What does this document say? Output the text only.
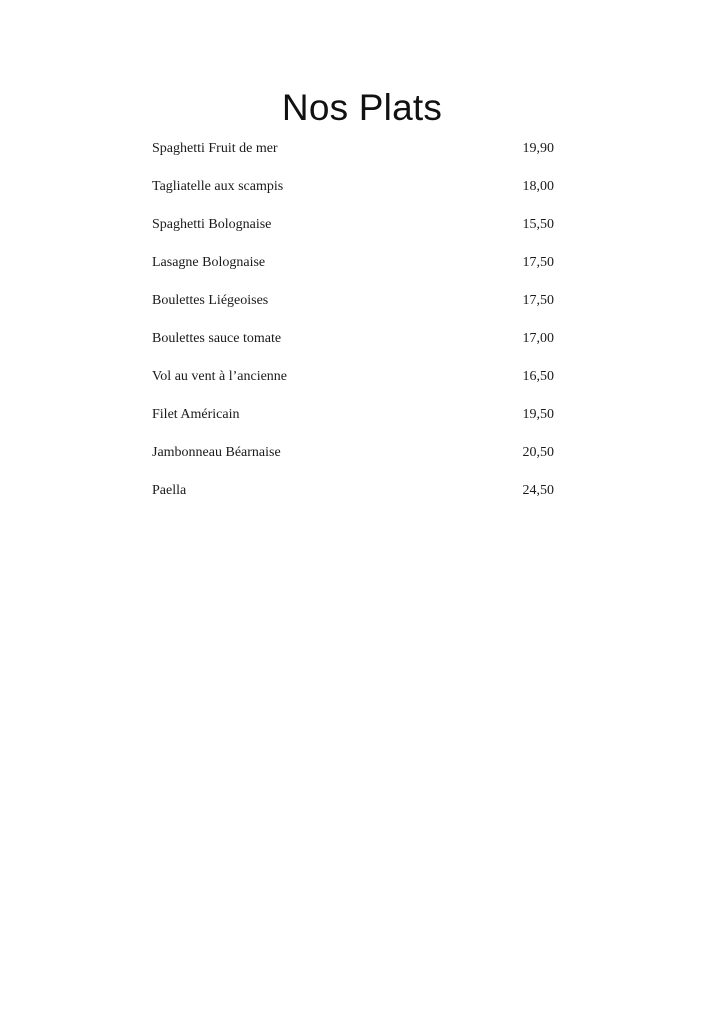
Nos Plats
Spaghetti Fruit de mer	19,90
Tagliatelle aux scampis	18,00
Spaghetti Bolognaise	15,50
Lasagne Bolognaise	17,50
Boulettes Liégeoises	17,50
Boulettes sauce tomate	17,00
Vol au vent à l’ancienne	16,50
Filet Américain	19,50
Jambonneau Béarnaise	20,50
Paella	24,50
